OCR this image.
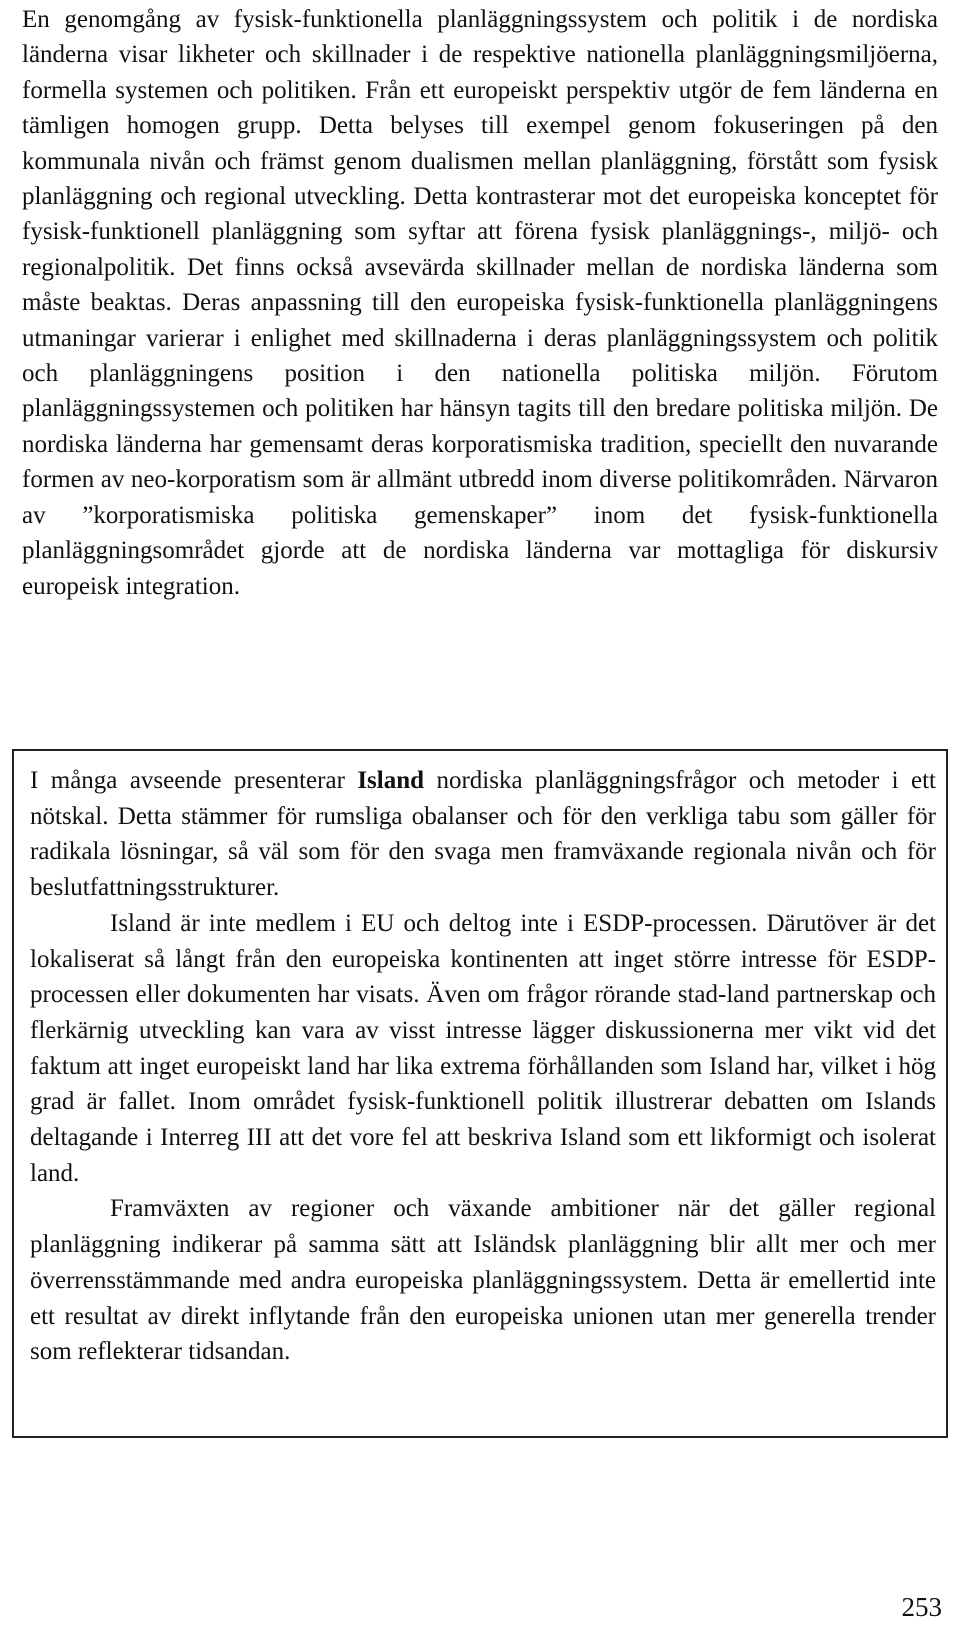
En genomgång av fysisk-funktionella planläggningssystem och politik i de nordiska länderna visar likheter och skillnader i de respektive nationella planläggningsmiljöerna, formella systemen och politiken. Från ett europeiskt perspektiv utgör de fem länderna en tämligen homogen grupp. Detta belyses till exempel genom fokuseringen på den kommunala nivån och främst genom dualismen mellan planläggning, förstått som fysisk planläggning och regional utveckling. Detta kontrasterar mot det europeiska konceptet för fysisk-funktionell planläggning som syftar att förena fysisk planläggnings-, miljö- och regionalpolitik. Det finns också avsevärda skillnader mellan de nordiska länderna som måste beaktas. Deras anpassning till den europeiska fysisk-funktionella planläggningens utmaningar varierar i enlighet med skillnaderna i deras planläggningssystem och politik och planläggningens position i den nationella politiska miljön. Förutom planläggningssystemen och politiken har hänsyn tagits till den bredare politiska miljön. De nordiska länderna har gemensamt deras korporatismiska tradition, speciellt den nuvarande formen av neo-korporatism som är allmänt utbredd inom diverse politikområden. Närvaron av ”korporatismiska politiska gemenskaper” inom det fysisk-funktionella planläggningsområdet gjorde att de nordiska länderna var mottagliga för diskursiv europeisk integration.

I många avseende presenterar Island nordiska planläggningsfrågor och metoder i ett nötskal. Detta stämmer för rumsliga obalanser och för den verkliga tabu som gäller för radikala lösningar, så väl som för den svaga men framväxande regionala nivån och för beslutfattningsstrukturer.

Island är inte medlem i EU och deltog inte i ESDP-processen. Därutöver är det lokaliserat så långt från den europeiska kontinenten att inget större intresse för ESDP-processen eller dokumenten har visats. Även om frågor rörande stad-land partnerskap och flerkärnig utveckling kan vara av visst intresse lägger diskussionerna mer vikt vid det faktum att inget europeiskt land har lika extrema förhållanden som Island har, vilket i hög grad är fallet. Inom området fysisk-funktionell politik illustrerar debatten om Islands deltagande i Interreg III att det vore fel att beskriva Island som ett likformigt och isolerat land.

Framväxten av regioner och växande ambitioner när det gäller regional planläggning indikerar på samma sätt att Isländsk planläggning blir allt mer och mer överrensstämmande med andra europeiska planläggningssystem. Detta är emellertid inte ett resultat av direkt inflytande från den europeiska unionen utan mer generella trender som reflekterar tidsandan.

253
